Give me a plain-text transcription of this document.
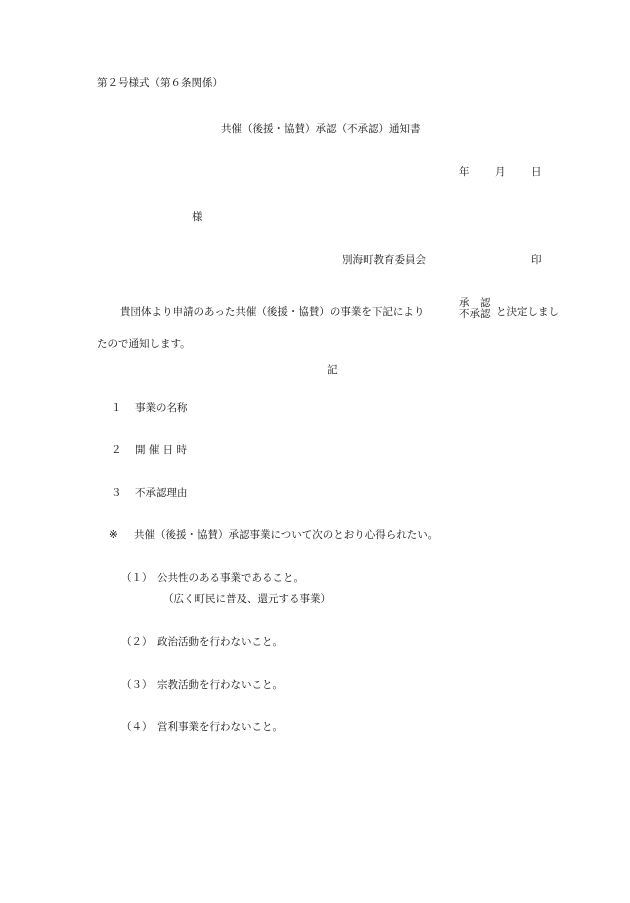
第２号様式（第６条関係）
共催（後援・協賛）承認（不承認）通知書
年 月 日
様
別海町教育委員会	印
貴団体より申請のあった共催（後援・協賛）の事業を下記により
承　認
不承認 と決定しまし
たので通知します。
記
１ 事業の名称
２ 開 催 日 時
３ 不承認理由
※ 共催（後援・協賛）承認事業について次のとおり心得られたい。
（１） 公共性のある事業であること。
（広く町民に普及、還元する事業）
（２） 政治活動を行わないこと。
（３） 宗教活動を行わないこと。
（４） 営利事業を行わないこと。
